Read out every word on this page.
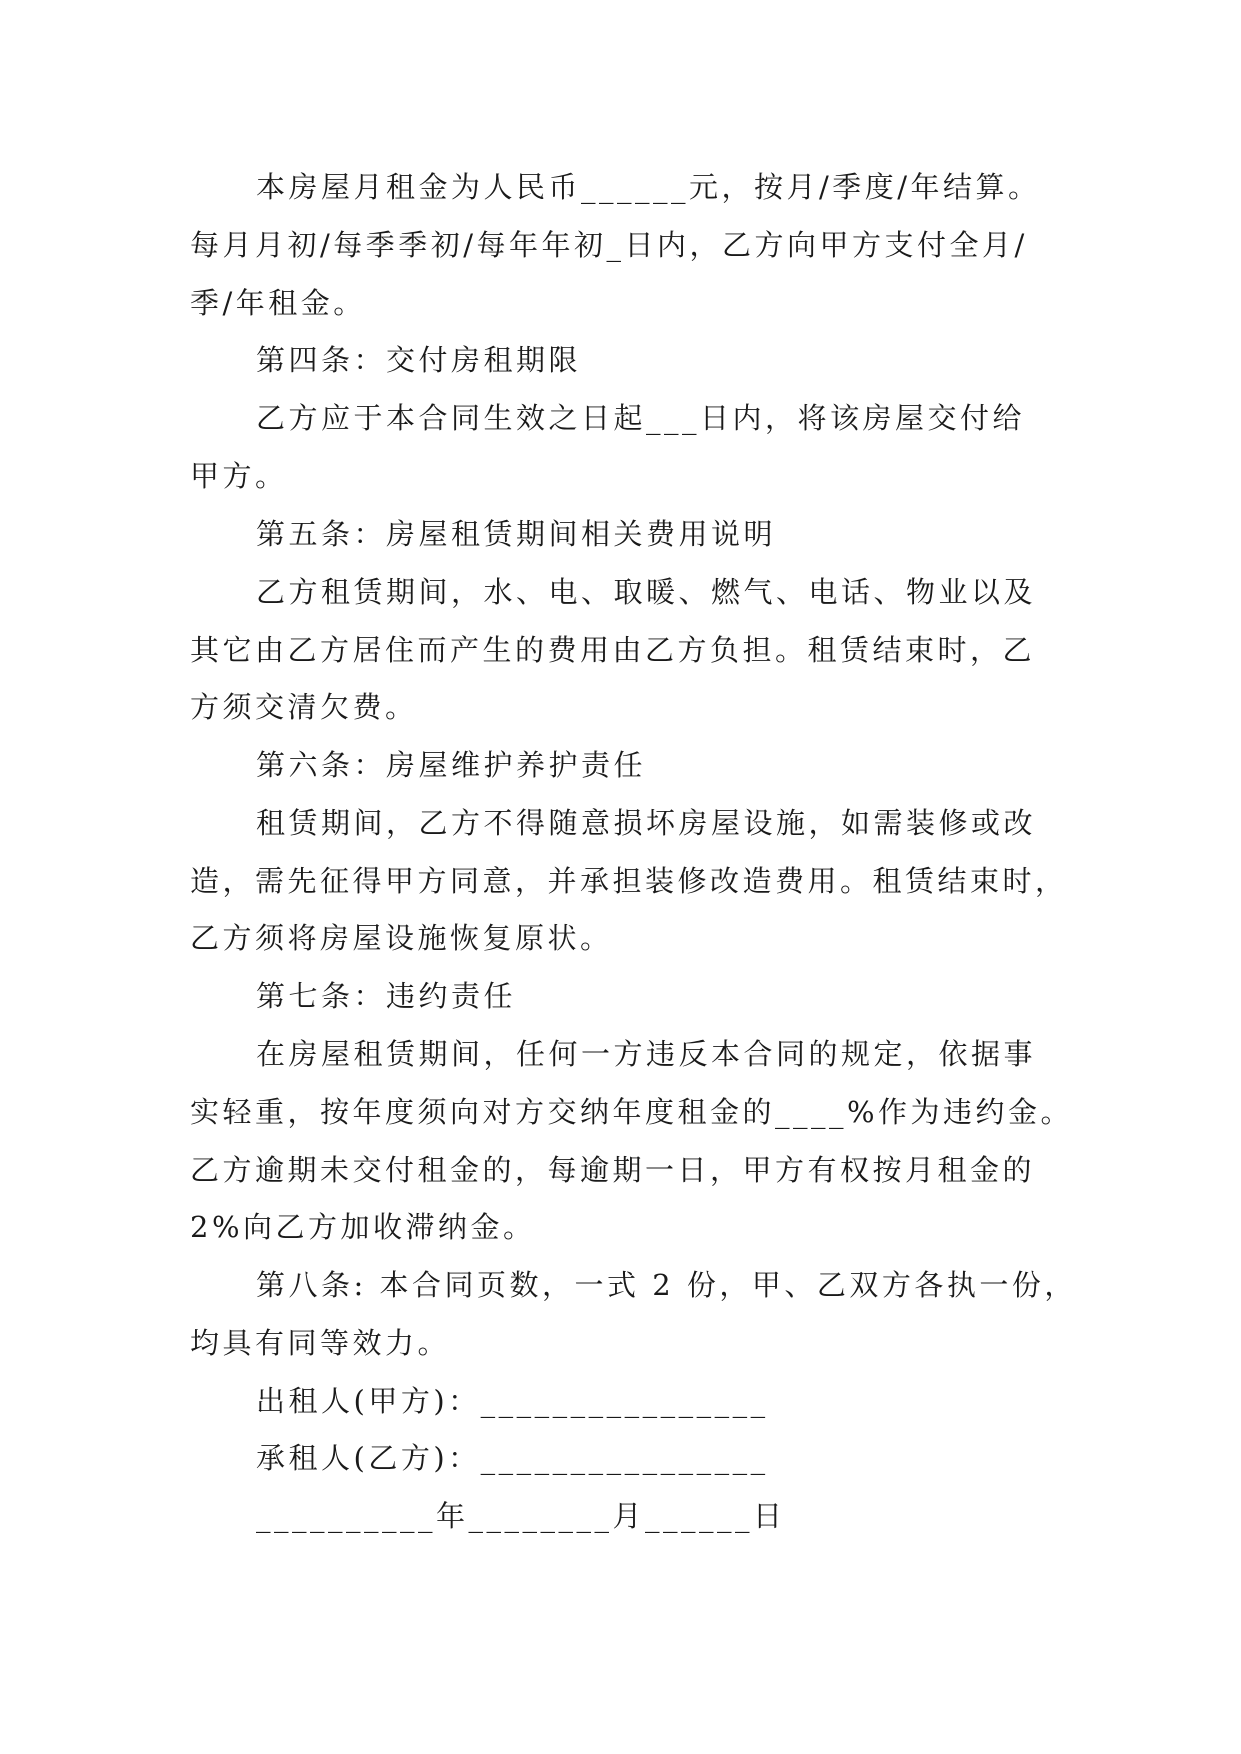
本房屋月租金为人民币______元，按月/季度/年结算。
每月月初/每季季初/每年年初_日内，乙方向甲方支付全月/
季/年租金。
第四条：交付房租期限
乙方应于本合同生效之日起___日内，将该房屋交付给
甲方。
第五条：房屋租赁期间相关费用说明
乙方租赁期间，水、电、取暖、燃气、电话、物业以及
其它由乙方居住而产生的费用由乙方负担。租赁结束时，乙
方须交清欠费。
第六条：房屋维护养护责任
租赁期间，乙方不得随意损坏房屋设施，如需装修或改
造，需先征得甲方同意，并承担装修改造费用。租赁结束时，
乙方须将房屋设施恢复原状。
第七条：违约责任
在房屋租赁期间，任何一方违反本合同的规定，依据事
实轻重，按年度须向对方交纳年度租金的____%作为违约金。
乙方逾期未交付租金的，每逾期一日，甲方有权按月租金的
2%向乙方加收滞纳金。
第八条: 本合同页数，一式 2 份，甲、乙双方各执一份，
均具有同等效力。
出租人(甲方)：________________
承租人(乙方)：________________
__________年________月______日
